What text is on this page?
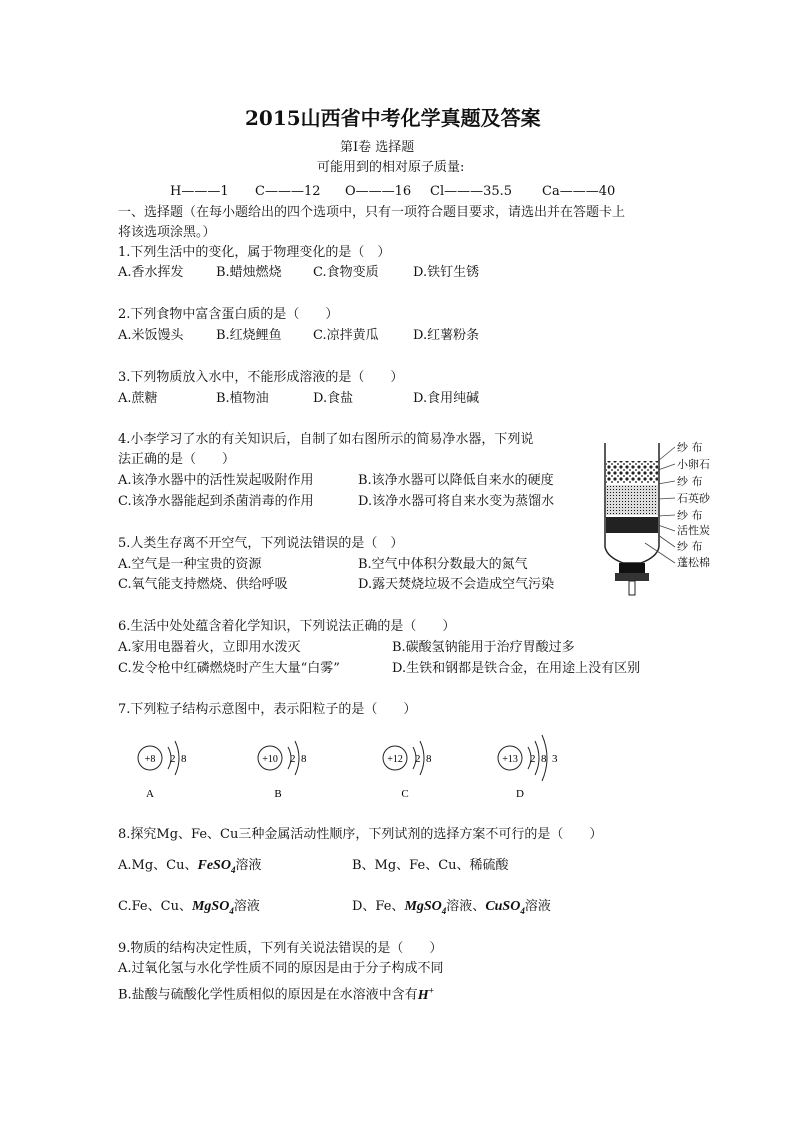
2015山西省中考化学真题及答案
第Ⅰ卷 选择题
可能用到的相对原子质量:
H———1 C———12 O———16 Cl———35.5 Ca———40
一、选择题（在每小题给出的四个选项中，只有一项符合题目要求，请选出并在答题卡上
将该选项涂黑。）
1.下列生活中的变化，属于物理变化的是（　）
A.香水挥发 B.蜡烛燃烧 C.食物变质	D.铁钉生锈
2.下列食物中富含蛋白质的是（　　）
A.米饭馒头 B.红烧鲤鱼 C.凉拌黄瓜	D.红薯粉条
3.下列物质放入水中，不能形成溶液的是（　　）
A.蔗糖	B.植物油	D.食盐	D.食用纯碱
4.小李学习了水的有关知识后，自制了如右图所示的简易净水器，下列说
法正确的是（　　）
A.该净水器中的活性炭起吸附作用	B.该净水器可以降低自来水的硬度
C.该净水器能起到杀菌消毒的作用	D.该净水器可将自来水变为蒸馏水
纱 布
小卵石
纱 布
石英砂
纱 布
活性炭
纱 布
蓬松棉
5.人类生存离不开空气，下列说法错误的是（　）
A.空气是一种宝贵的资源	B.空气中体积分数最大的氮气
C.氧气能支持燃烧、供给呼吸	D.露天焚烧垃圾不会造成空气污染
6.生活中处处蕴含着化学知识，下列说法正确的是（　　）
A.家用电器着火，立即用水泼灭	B.碳酸氢钠能用于治疗胃酸过多
C.发令枪中红磷燃烧时产生大量“白雾”	D.生铁和钢都是铁合金，在用途上没有区别
7.下列粒子结构示意图中，表示阳粒子的是（　　）
+8 2 8
A
+10 2 8
B
+12 2 8
C
+13 2 8 3
D
8.探究Mg、Fe、Cu三种金属活动性顺序，下列试剂的选择方案不可行的是（　　）
A.Mg、Cu、FeSO$_4$溶液	B、Mg、Fe、Cu、稀硫酸
C.Fe、Cu、MgSO$_4$溶液	D、Fe、MgSO$_4$溶液、CuSO$_4$溶液
9.物质的结构决定性质，下列有关说法错误的是（　　）
A.过氧化氢与水化学性质不同的原因是由于分子构成不同
B.盐酸与硫酸化学性质相似的原因是在水溶液中含有H+
